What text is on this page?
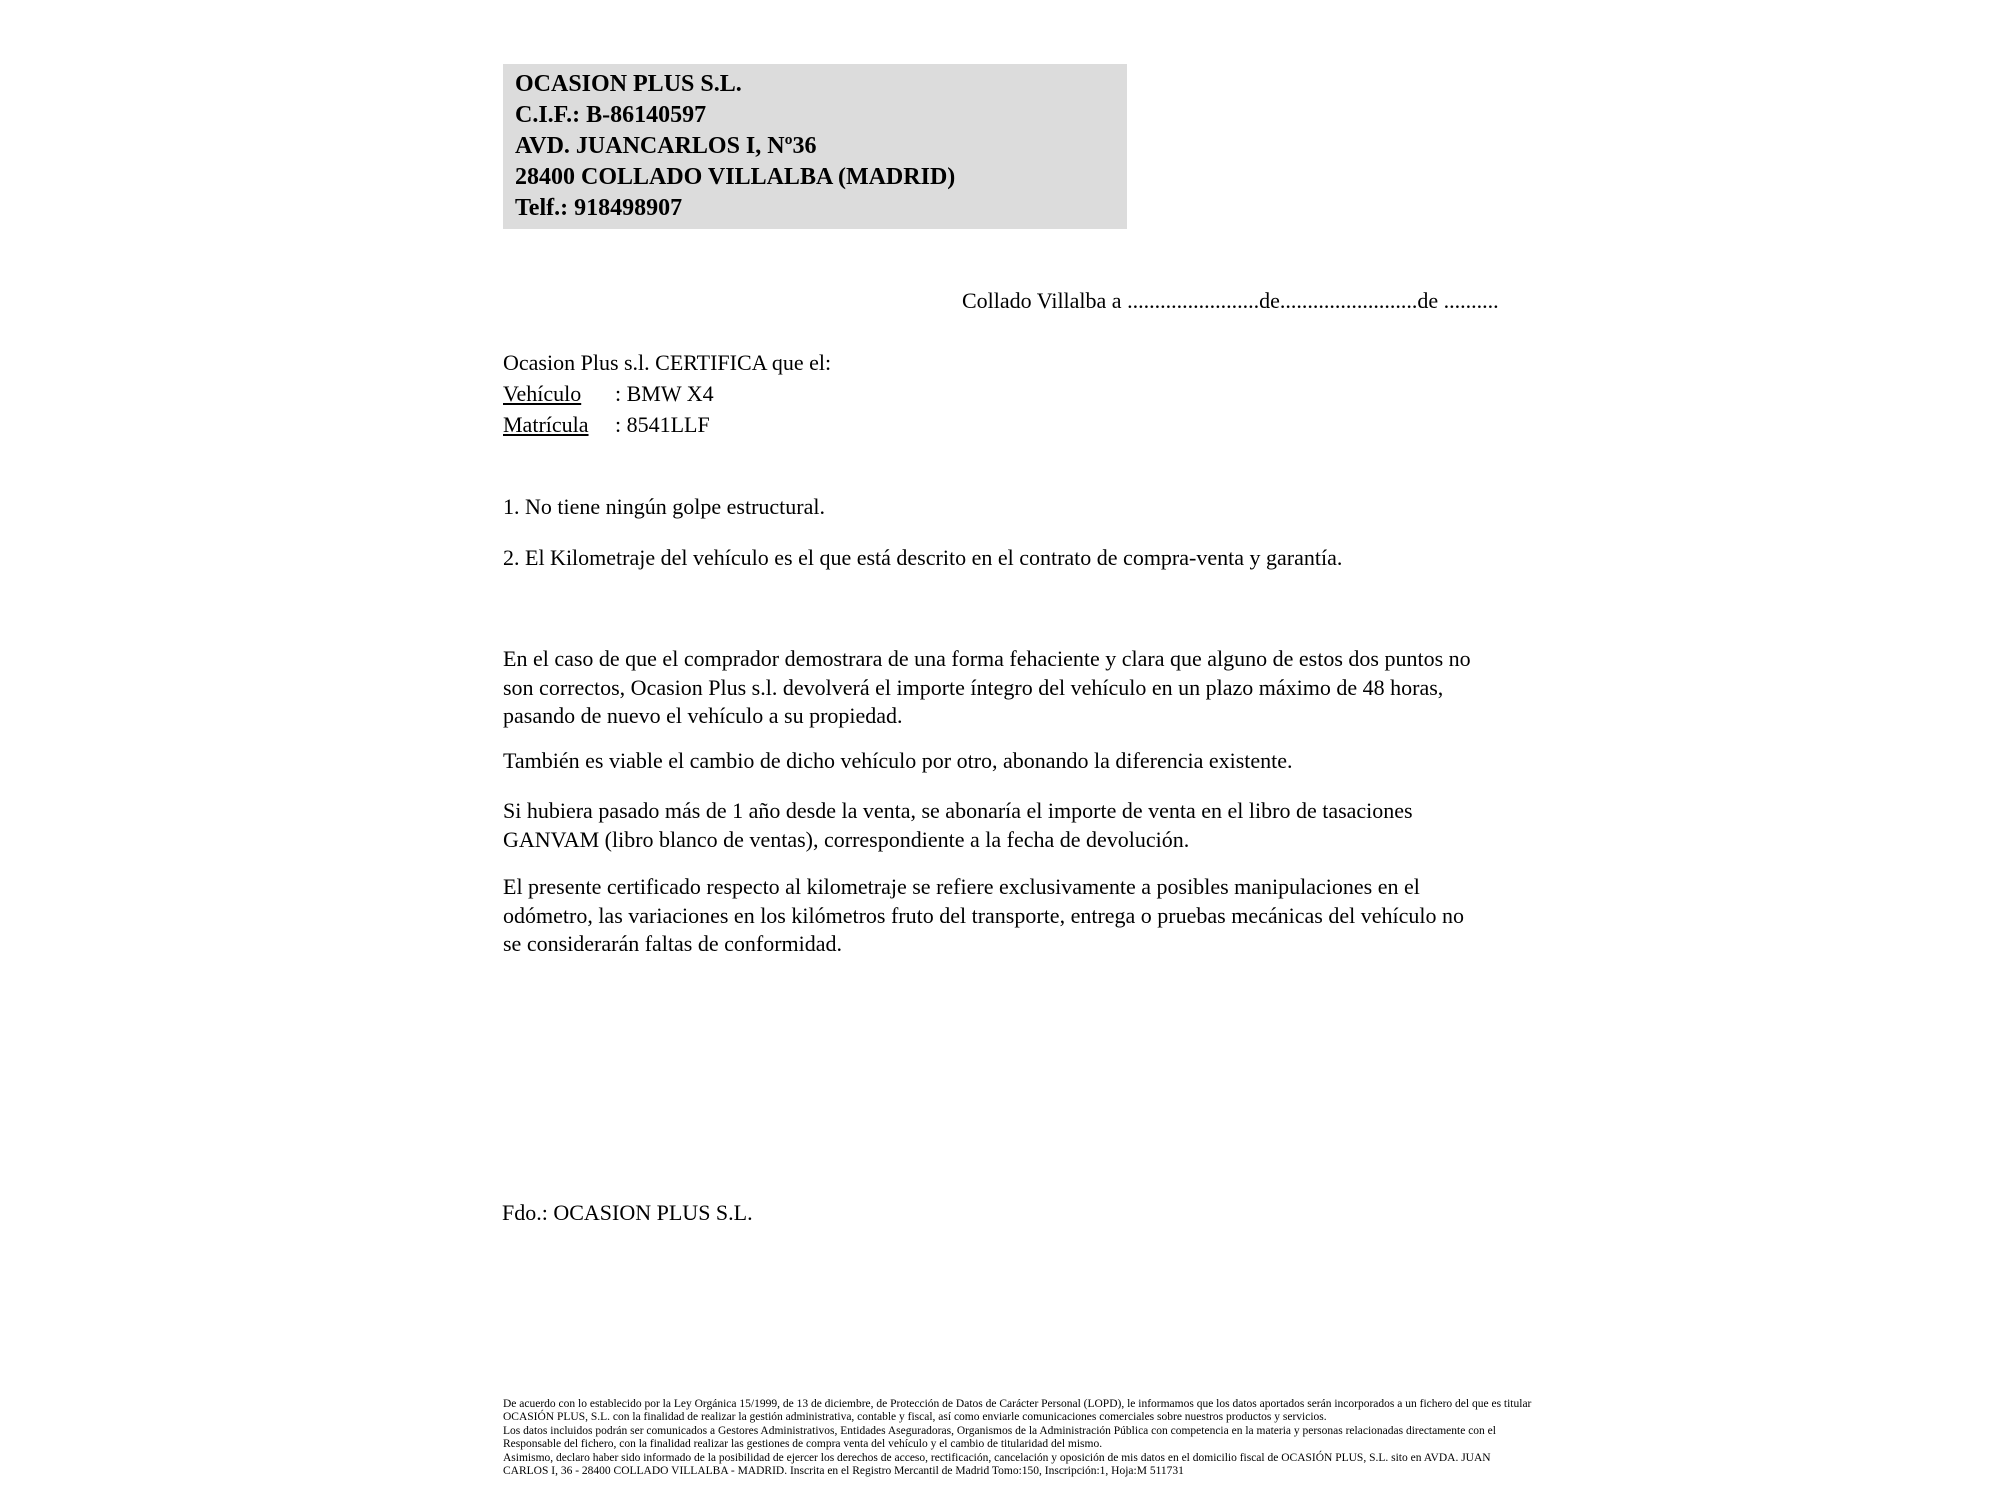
OCASION PLUS S.L.
C.I.F.: B-86140597
AVD. JUANCARLOS I, Nº36
28400 COLLADO VILLALBA (MADRID)
Telf.: 918498907
Collado Villalba a ........................de.........................de ..........
Ocasion Plus s.l. CERTIFICA que el:
Vehículo : BMW X4
Matrícula : 8541LLF
1. No tiene ningún golpe estructural.
2. El Kilometraje del vehículo es el que está descrito en el contrato de compra-venta y garantía.
En el caso de que el comprador demostrara de una forma fehaciente y clara que alguno de estos dos puntos no
son correctos, Ocasion Plus s.l. devolverá el importe íntegro del vehículo en un plazo máximo de 48 horas,
pasando de nuevo el vehículo a su propiedad.
También es viable el cambio de dicho vehículo por otro, abonando la diferencia existente.
Si hubiera pasado más de 1 año desde la venta, se abonaría el importe de venta en el libro de tasaciones
GANVAM (libro blanco de ventas), correspondiente a la fecha de devolución.
El presente certificado respecto al kilometraje se refiere exclusivamente a posibles manipulaciones en el
odómetro, las variaciones en los kilómetros fruto del transporte, entrega o pruebas mecánicas del vehículo no
se considerarán faltas de conformidad.
Fdo.: OCASION PLUS S.L.
De acuerdo con lo establecido por la Ley Orgánica 15/1999, de 13 de diciembre, de Protección de Datos de Carácter Personal (LOPD), le informamos que los datos aportados serán incorporados a un fichero del que es titular
OCASIÓN PLUS, S.L. con la finalidad de realizar la gestión administrativa, contable y fiscal, así como enviarle comunicaciones comerciales sobre nuestros productos y servicios.
Los datos incluidos podrán ser comunicados a Gestores Administrativos, Entidades Aseguradoras, Organismos de la Administración Pública con competencia en la materia y personas relacionadas directamente con el
Responsable del fichero, con la finalidad realizar las gestiones de compra venta del vehículo y el cambio de titularidad del mismo.
Asimismo, declaro haber sido informado de la posibilidad de ejercer los derechos de acceso, rectificación, cancelación y oposición de mis datos en el domicilio fiscal de OCASIÓN PLUS, S.L. sito en AVDA. JUAN
CARLOS I, 36 - 28400 COLLADO VILLALBA - MADRID. Inscrita en el Registro Mercantil de Madrid Tomo:150, Inscripción:1, Hoja:M 511731
